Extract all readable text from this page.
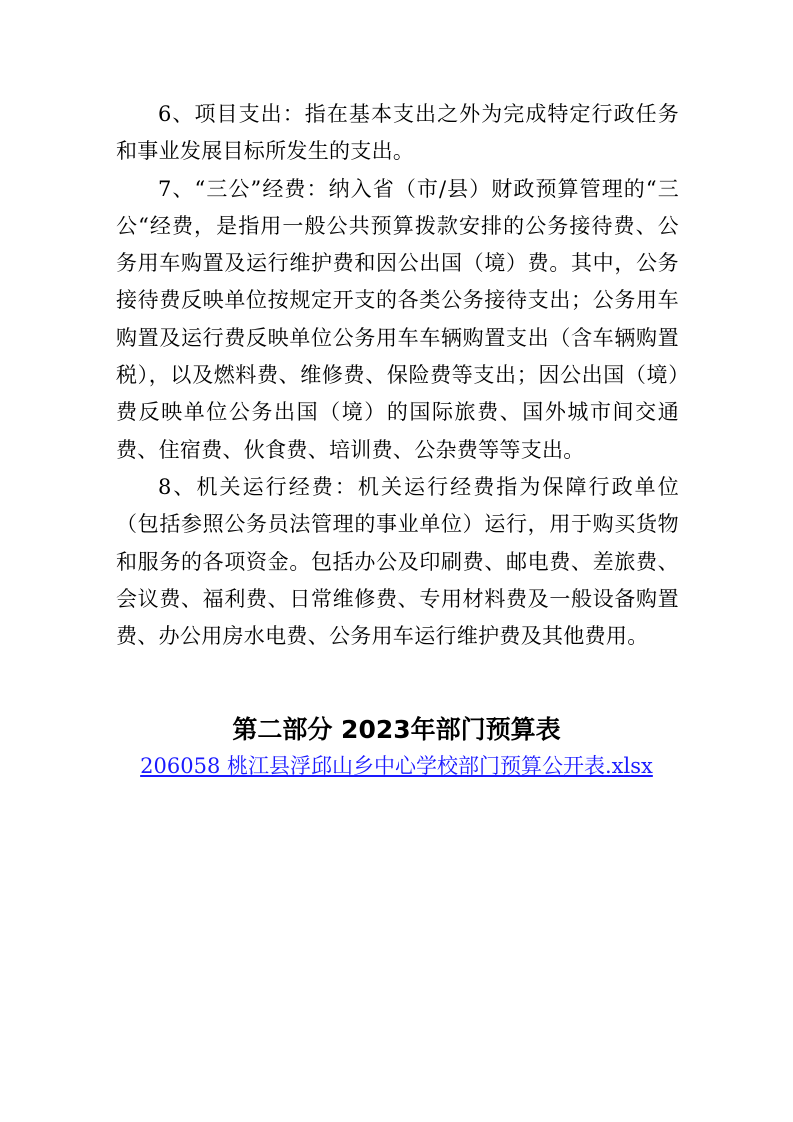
6、项目支出：指在基本支出之外为完成特定行政任务和事业发展目标所发生的支出。

7、“三公”经费：纳入省（市/县）财政预算管理的“三公“经费，是指用一般公共预算拨款安排的公务接待费、公务用车购置及运行维护费和因公出国（境）费。其中，公务接待费反映单位按规定开支的各类公务接待支出；公务用车购置及运行费反映单位公务用车车辆购置支出（含车辆购置税），以及燃料费、维修费、保险费等支出；因公出国（境）费反映单位公务出国（境）的国际旅费、国外城市间交通费、住宿费、伙食费、培训费、公杂费等等支出。

8、机关运行经费：机关运行经费指为保障行政单位（包括参照公务员法管理的事业单位）运行，用于购买货物和服务的各项资金。包括办公及印刷费、邮电费、差旅费、会议费、福利费、日常维修费、专用材料费及一般设备购置费、办公用房水电费、公务用车运行维护费及其他费用。

第二部分 2023年部门预算表
206058 桃江县浮邱山乡中心学校部门预算公开表.xlsx
